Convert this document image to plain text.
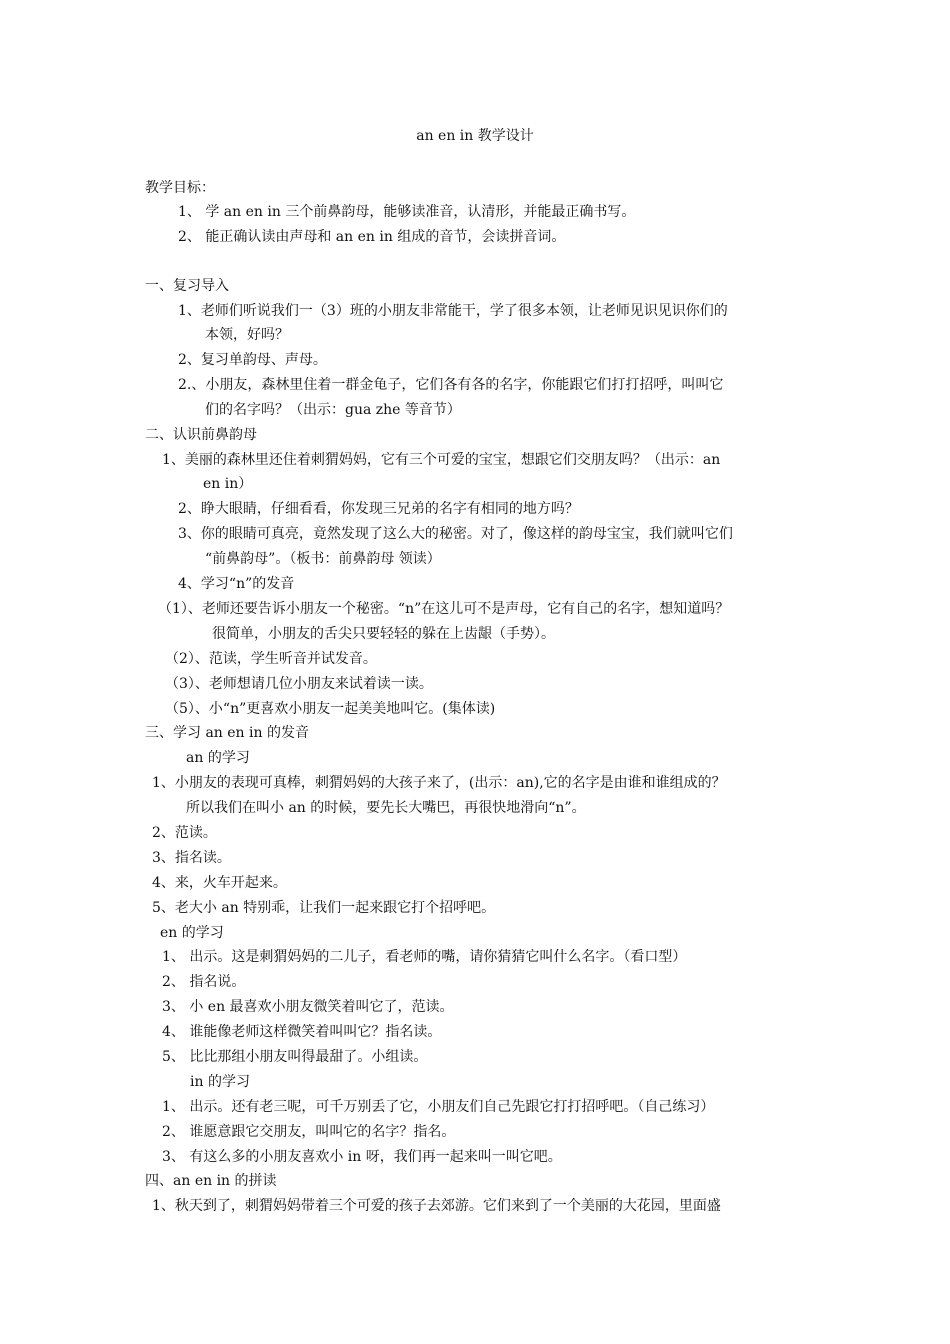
an en in 教学设计
教学目标：
1、 学 an en in 三个前鼻韵母，能够读准音，认清形，并能最正确书写。
2、 能正确认读由声母和 an en in 组成的音节，会读拼音词。
一、复习导入
1、老师们听说我们一（3）班的小朋友非常能干，学了很多本领，让老师见识见识你们的
本领，好吗？
2、复习单韵母、声母。
2.、小朋友，森林里住着一群金龟子，它们各有各的名字，你能跟它们打打招呼，叫叫它
们的名字吗？（出示：gua zhe 等音节）
二、认识前鼻韵母
1、美丽的森林里还住着刺猬妈妈，它有三个可爱的宝宝，想跟它们交朋友吗？（出示：an
en in）
2、睁大眼睛，仔细看看，你发现三兄弟的名字有相同的地方吗？
3、你的眼睛可真亮，竟然发现了这么大的秘密。对了，像这样的韵母宝宝，我们就叫它们
“前鼻韵母”。（板书：前鼻韵母 领读）
4、学习“n”的发音
（1）、老师还要告诉小朋友一个秘密。“n”在这儿可不是声母，它有自己的名字，想知道吗？
很简单，小朋友的舌尖只要轻轻的躲在上齿龈（手势）。
（2）、范读，学生听音并试发音。
（3）、老师想请几位小朋友来试着读一读。
（5）、小“n”更喜欢小朋友一起美美地叫它。(集体读)
三、学习 an en in 的发音
an 的学习
1、小朋友的表现可真棒，刺猬妈妈的大孩子来了，(出示：an),它的名字是由谁和谁组成的？
所以我们在叫小 an 的时候，要先长大嘴巴，再很快地滑向“n”。
2、范读。
3、指名读。
4、来，火车开起来。
5、老大小 an 特别乖，让我们一起来跟它打个招呼吧。
en 的学习
1、 出示。这是刺猬妈妈的二儿子，看老师的嘴，请你猜猜它叫什么名字。（看口型）
2、 指名说。
3、 小 en 最喜欢小朋友微笑着叫它了，范读。
4、 谁能像老师这样微笑着叫叫它？指名读。
5、 比比那组小朋友叫得最甜了。小组读。
in 的学习
1、 出示。还有老三呢，可千万别丢了它，小朋友们自己先跟它打打招呼吧。（自己练习）
2、 谁愿意跟它交朋友，叫叫它的名字？指名。
3、 有这么多的小朋友喜欢小 in 呀，我们再一起来叫一叫它吧。
四、an en in 的拼读
1、秋天到了，刺猬妈妈带着三个可爱的孩子去郊游。它们来到了一个美丽的大花园，里面盛
